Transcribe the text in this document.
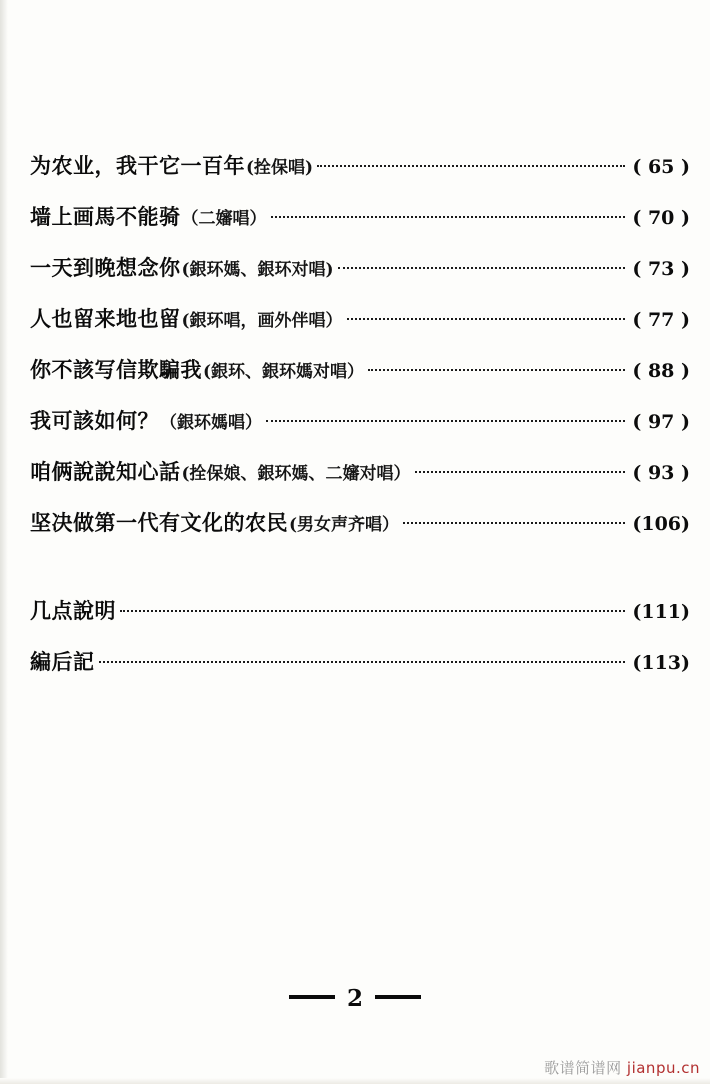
为农业，我干它一百年 (拴保唱)	( 65 )
墙上画馬不能骑 （二嬸唱）	( 70 )
一天到晚想念你 (銀环媽、銀环对唱)	( 73 )
人也留来地也留 (銀环唱，画外伴唱）	( 77 )
你不該写信欺騙我 (銀环、銀环媽对唱）	( 88 )
我可該如何？ （銀环媽唱）	( 97 )
咱俩說說知心話 (拴保娘、銀环媽、二嬸对唱）	( 93 )
坚决做第一代有文化的农民 (男女声齐唱）	(106)
几点說明	(111)
編后記	(113)
2
歌谱简谱网 jianpu.cn
